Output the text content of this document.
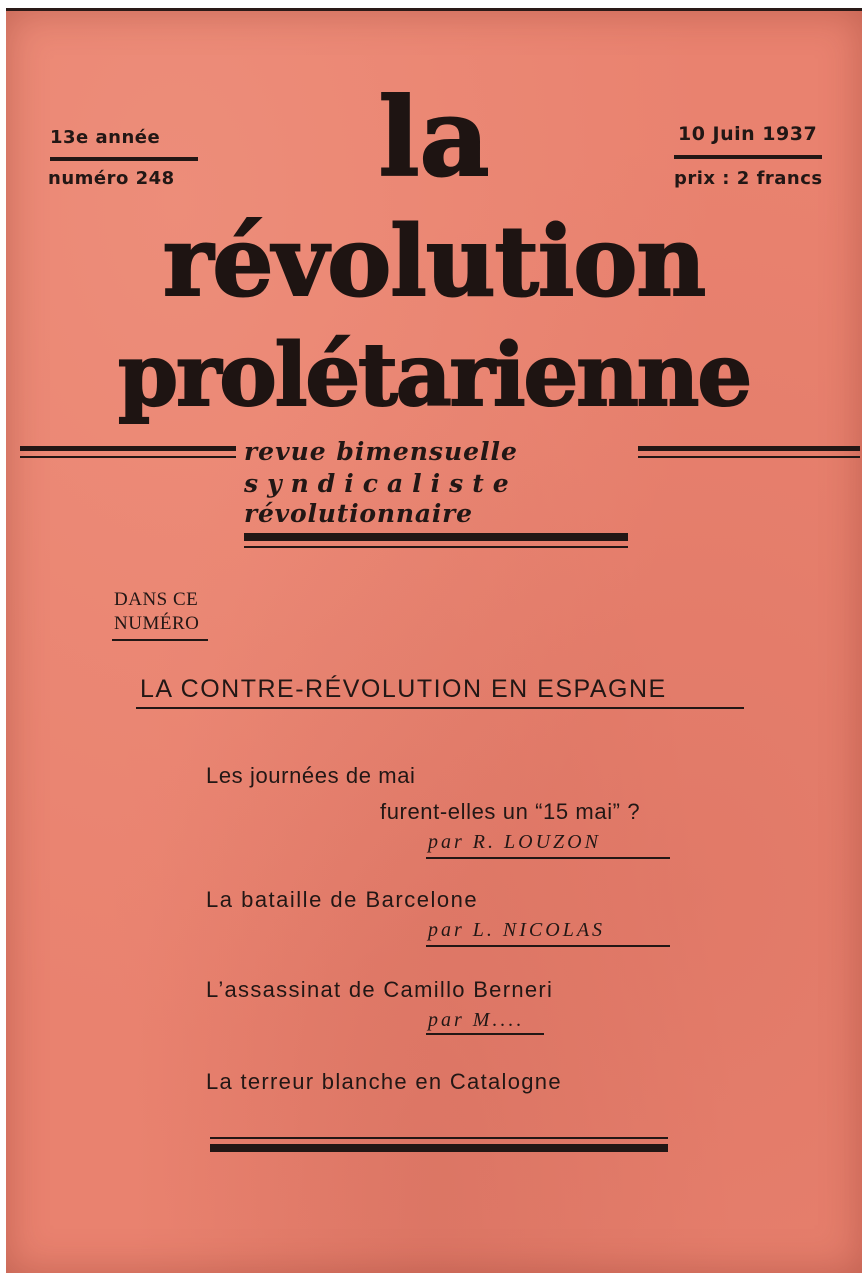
13e année
numéro 248
10 Juin 1937
prix : 2 francs
la
révolution
prolétarienne
revue bimensuelle
syndicaliste
révolutionnaire
DANS CE
NUMÉRO
LA CONTRE-RÉVOLUTION EN ESPAGNE
Les journées de mai
furent-elles un “15 mai” ?
par R. LOUZON
La bataille de Barcelone
par L. NICOLAS
L’assassinat de Camillo Berneri
par M....
La terreur blanche en Catalogne
